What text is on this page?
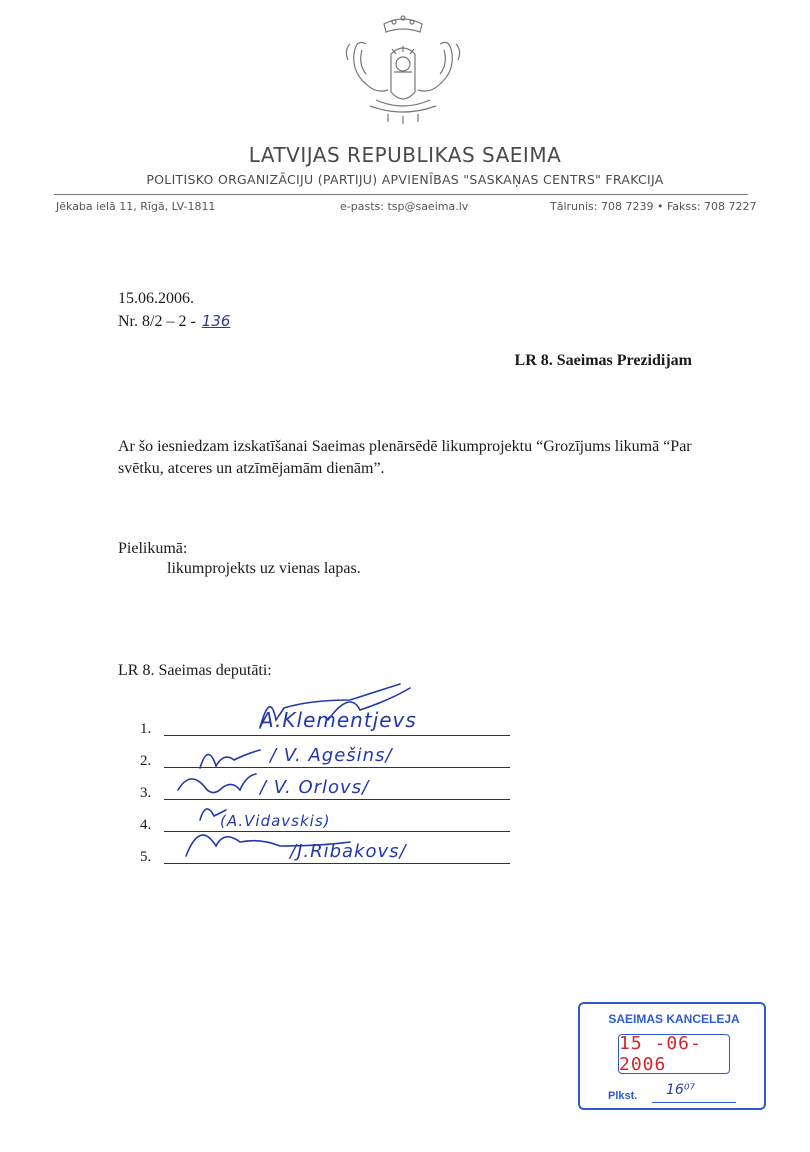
LATVIJAS REPUBLIKAS SAEIMA
POLITISKO ORGANIZĀCIJU (PARTIJU) APVIENĪBAS "SASKAŅAS CENTRS" FRAKCIJA
Jēkaba ielā 11, Rīgā, LV-1811	e-pasts: tsp@saeima.lv	Tālrunis: 708 7239 • Fakss: 708 7227
15.06.2006.
Nr. 8/2 – 2 - 136
LR 8. Saeimas Prezidijam
Ar šo iesniedzam izskatīšanai Saeimas plenārsēdē likumprojektu “Grozījums likumā “Par svētku, atceres un atzīmējamām dienām”.
Pielikumā:
likumprojekts uz vienas lapas.
LR 8. Saeimas deputāti:
1.	A.Klementjevs
2.	/ V. Agešins/
3.	/ V. Orlovs/
4.	(A.Vidavskis)
5.	/J.Ribakovs/
SAEIMAS KANCELEJA
15 -06- 2006
Plkst. 16⁰⁷
